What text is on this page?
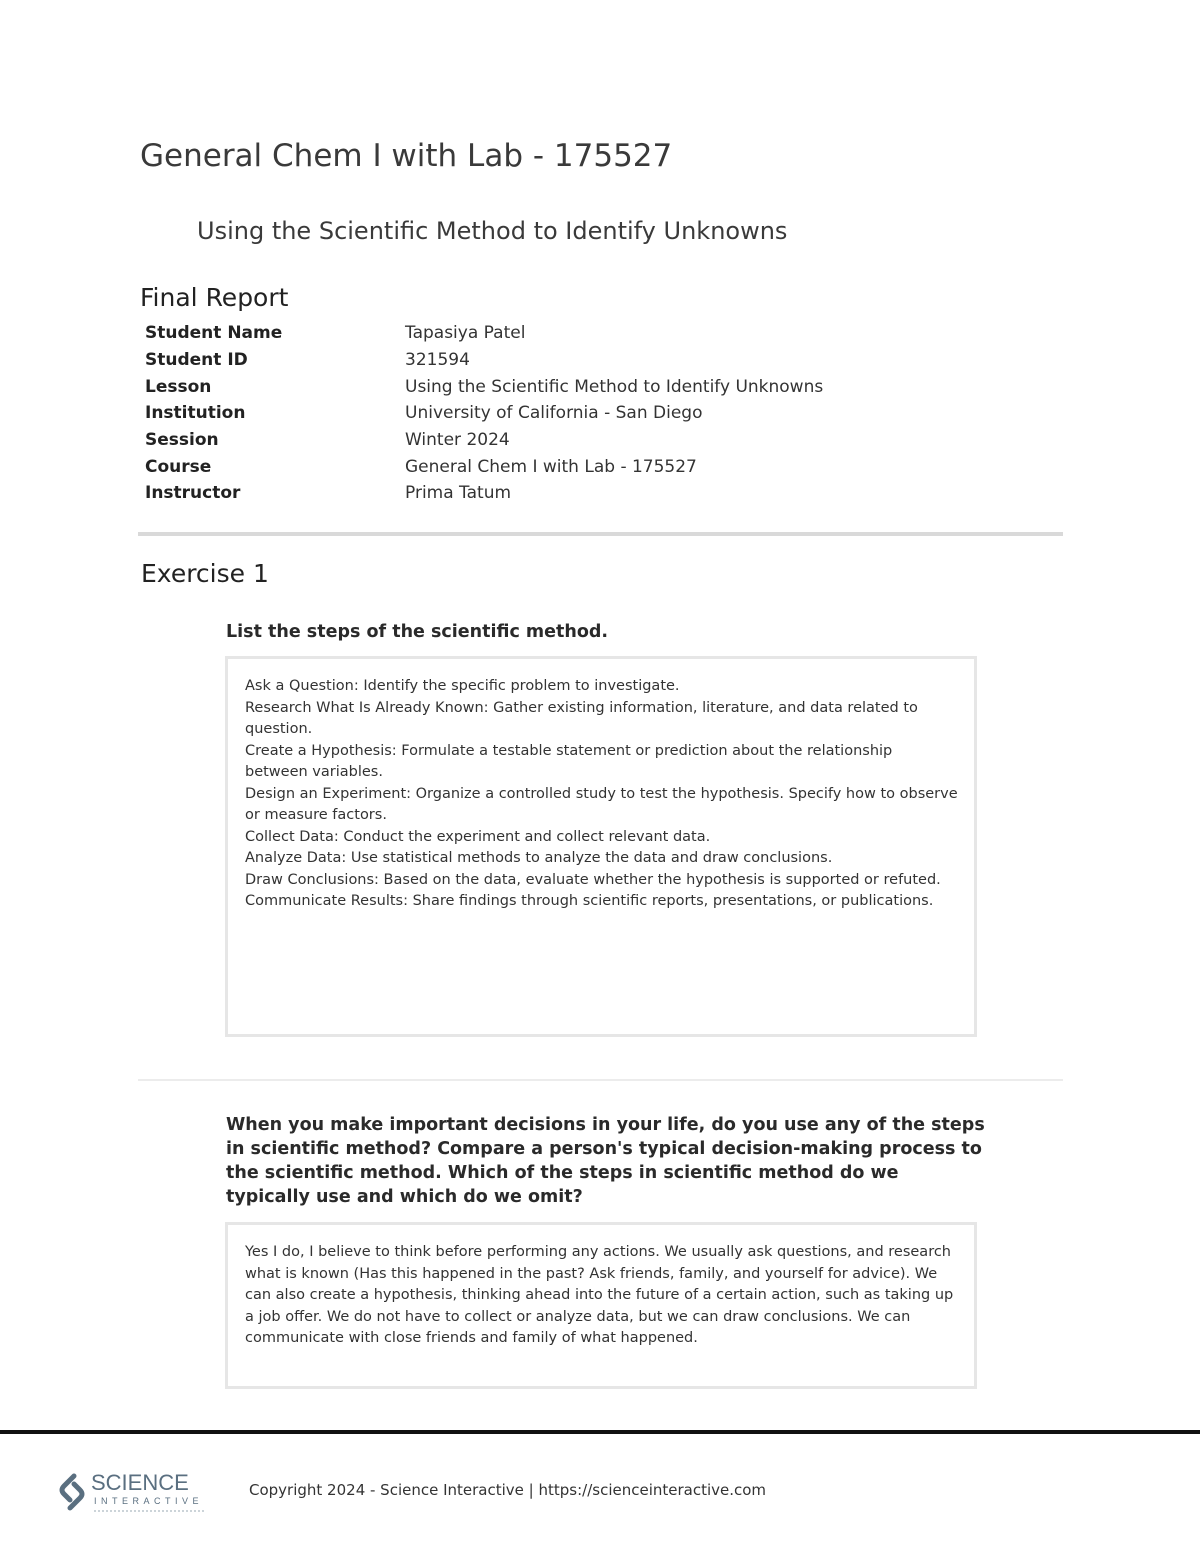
General Chem I with Lab - 175527
Using the Scientific Method to Identify Unknowns
Final Report
Student Name	Tapasiya Patel
Student ID	321594
Lesson	Using the Scientific Method to Identify Unknowns
Institution	University of California - San Diego
Session	Winter 2024
Course	General Chem I with Lab - 175527
Instructor	Prima Tatum
Exercise 1

List the steps of the scientific method.

Ask a Question: Identify the specific problem to investigate.
Research What Is Already Known: Gather existing information, literature, and data related to question.
Create a Hypothesis: Formulate a testable statement or prediction about the relationship between variables.
Design an Experiment: Organize a controlled study to test the hypothesis. Specify how to observe or measure factors.
Collect Data: Conduct the experiment and collect relevant data.
Analyze Data: Use statistical methods to analyze the data and draw conclusions.
Draw Conclusions: Based on the data, evaluate whether the hypothesis is supported or refuted.
Communicate Results: Share findings through scientific reports, presentations, or publications.

When you make important decisions in your life, do you use any of the steps in scientific method? Compare a person's typical decision-making process to the scientific method. Which of the steps in scientific method do we typically use and which do we omit?

Yes I do, I believe to think before performing any actions. We usually ask questions, and research what is known (Has this happened in the past? Ask friends, family, and yourself for advice). We can also create a hypothesis, thinking ahead into the future of a certain action, such as taking up a job offer. We do not have to collect or analyze data, but we can draw conclusions. We can communicate with close friends and family of what happened.

SCIENCE
INTERACTIVE
Copyright 2024 - Science Interactive | https://scienceinteractive.com
